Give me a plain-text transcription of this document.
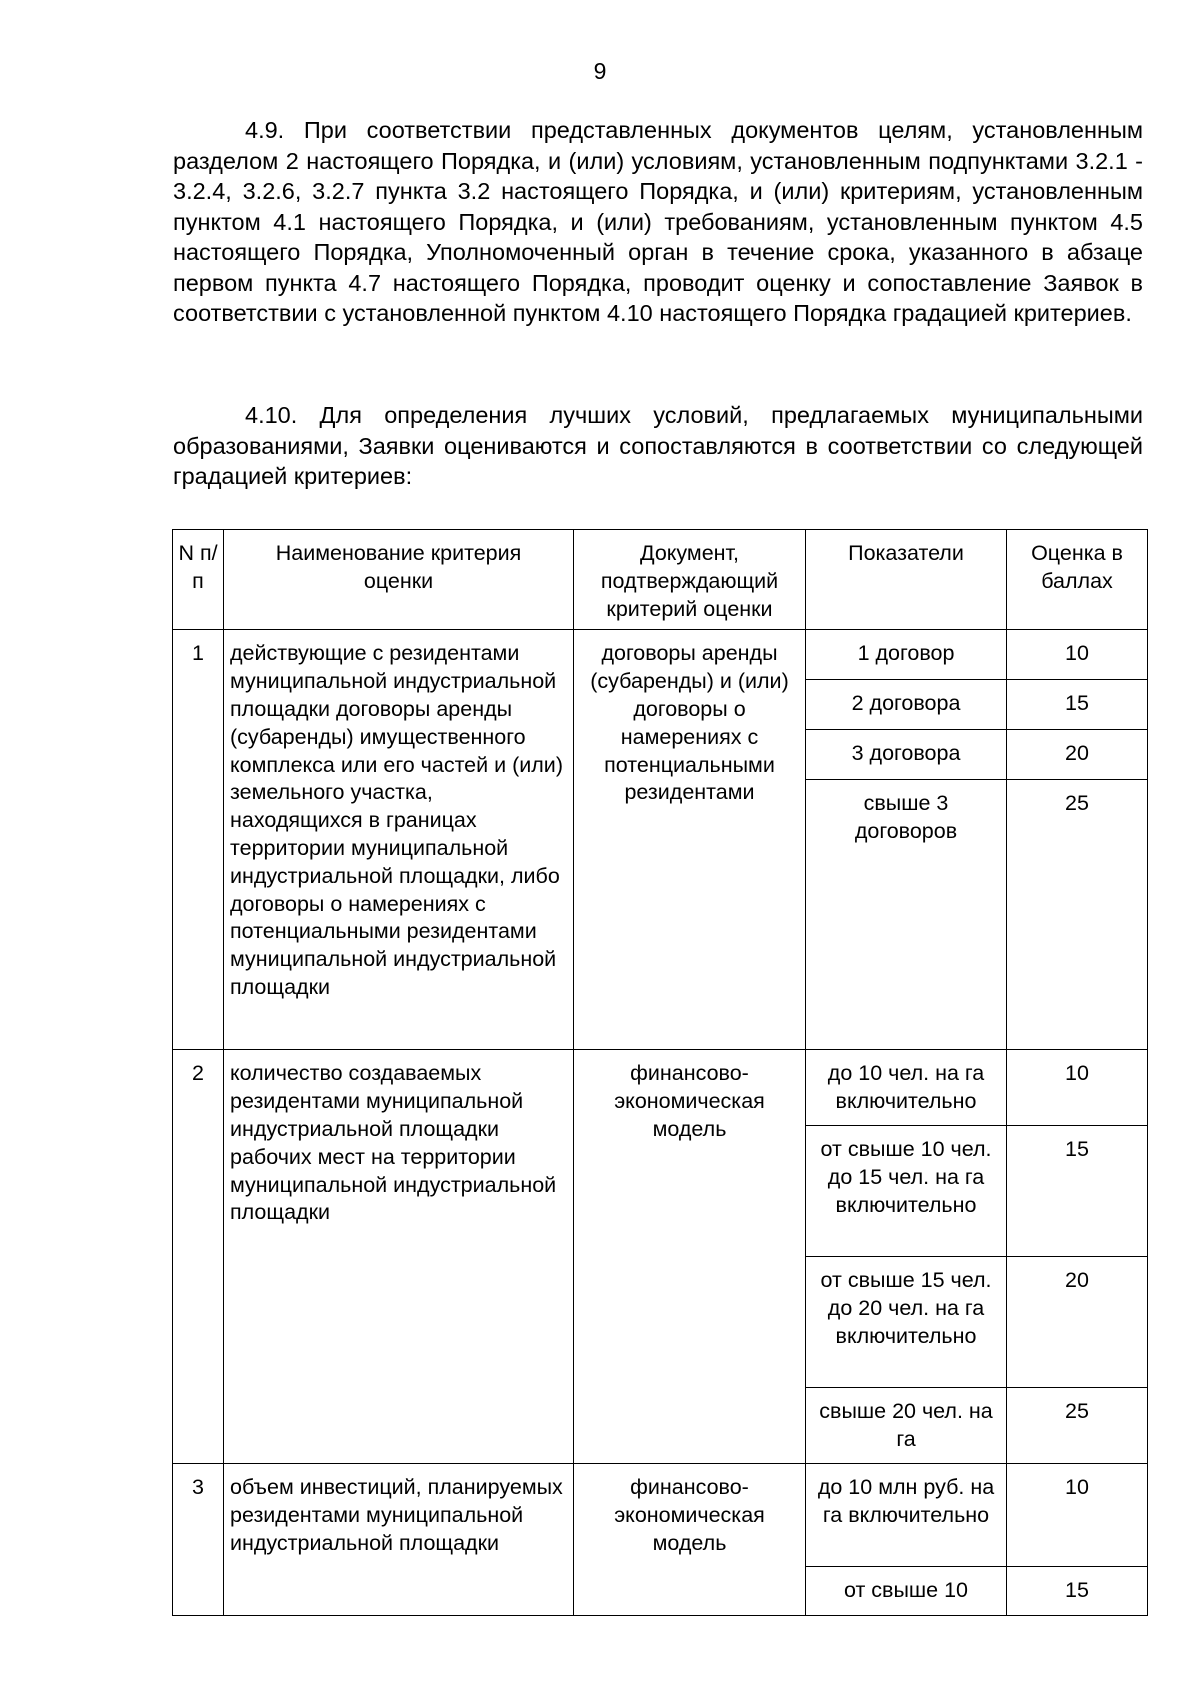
9

4.9. При соответствии представленных документов целям, установленным разделом 2 настоящего Порядка, и (или) условиям, установленным подпунктами 3.2.1 - 3.2.4, 3.2.6, 3.2.7 пункта 3.2 настоящего Порядка, и (или) критериям, установленным пунктом 4.1 настоящего Порядка, и (или) требованиям, установленным пунктом 4.5 настоящего Порядка, Уполномоченный орган в течение срока, указанного в абзаце первом пункта 4.7 настоящего Порядка, проводит оценку и сопоставление Заявок в соответствии с установленной пунктом 4.10 настоящего Порядка градацией критериев.

4.10. Для определения лучших условий, предлагаемых муниципальными образованиями, Заявки оцениваются и сопоставляются в соответствии со следующей градацией критериев:

N п/п	Наименование критерия оценки	Документ, подтверждающий критерий оценки	Показатели	Оценка в баллах
1	действующие с резидентами муниципальной индустриальной площадки договоры аренды (субаренды) имущественного комплекса или его частей и (или) земельного участка, находящихся в границах территории муниципальной индустриальной площадки, либо договоры о намерениях с потенциальными резидентами муниципальной индустриальной площадки	договоры аренды (субаренды) и (или) договоры о намерениях с потенциальными резидентами	1 договор	10
			2 договора	15
			3 договора	20
			свыше 3 договоров	25
2	количество создаваемых резидентами муниципальной индустриальной площадки рабочих мест на территории муниципальной индустриальной площадки	финансово-экономическая модель	до 10 чел. на га включительно	10
			от свыше 10 чел. до 15 чел. на га включительно	15
			от свыше 15 чел. до 20 чел. на га включительно	20
			свыше 20 чел. на га	25
3	объем инвестиций, планируемых резидентами муниципальной индустриальной площадки	финансово-экономическая модель	до 10 млн руб. на га включительно	10
			от свыше 10	15
